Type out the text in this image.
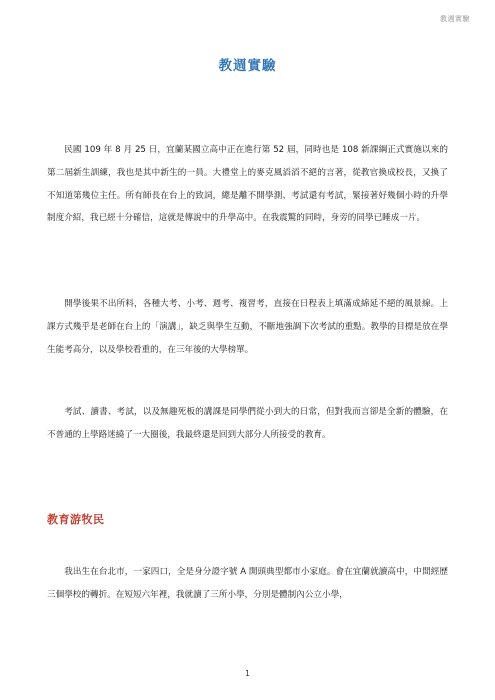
教週實驗
教週實驗

民國 109 年 8 月 25 日，宜蘭某國立高中正在進行第 52 屆，同時也是 108 新課綱正式實施以來的第二屆新生訓練，我也是其中新生的一員。大禮堂上的麥克風滔滔不絕的言著，從教官換成校長，又換了不知道第幾位主任。所有師長在台上的致詞，總是離不開學測、考試還有考試，緊接著好幾個小時的升學制度介紹，我已經十分確信，這就是傳說中的升學高中。在我震驚的同時，身旁的同學已睡成一片。

開學後果不出所料，各種大考、小考、週考、複習考，直接在日程表上填滿成綿延不絕的風景線。上課方式幾乎是老師在台上的「演講」，缺乏與學生互動，不斷地強調下次考試的重點。教學的目標是放在學生能考高分，以及學校看重的，在三年後的大學榜單。

考試、讀書、考試，以及無趣死板的講課是同學們從小到大的日常，但對我而言卻是全新的體驗，在不普通的上學路迷繞了一大圈後，我最終還是回到大部分人所接受的教育。

教育游牧民

我出生在台北市，一家四口，全是身分證字號 A 開頭典型都市小家庭。會在宜蘭就讀高中，中間經歷三個學校的轉折。在短短六年裡，我就讀了三所小學，分別是體制內公立小學，

1
